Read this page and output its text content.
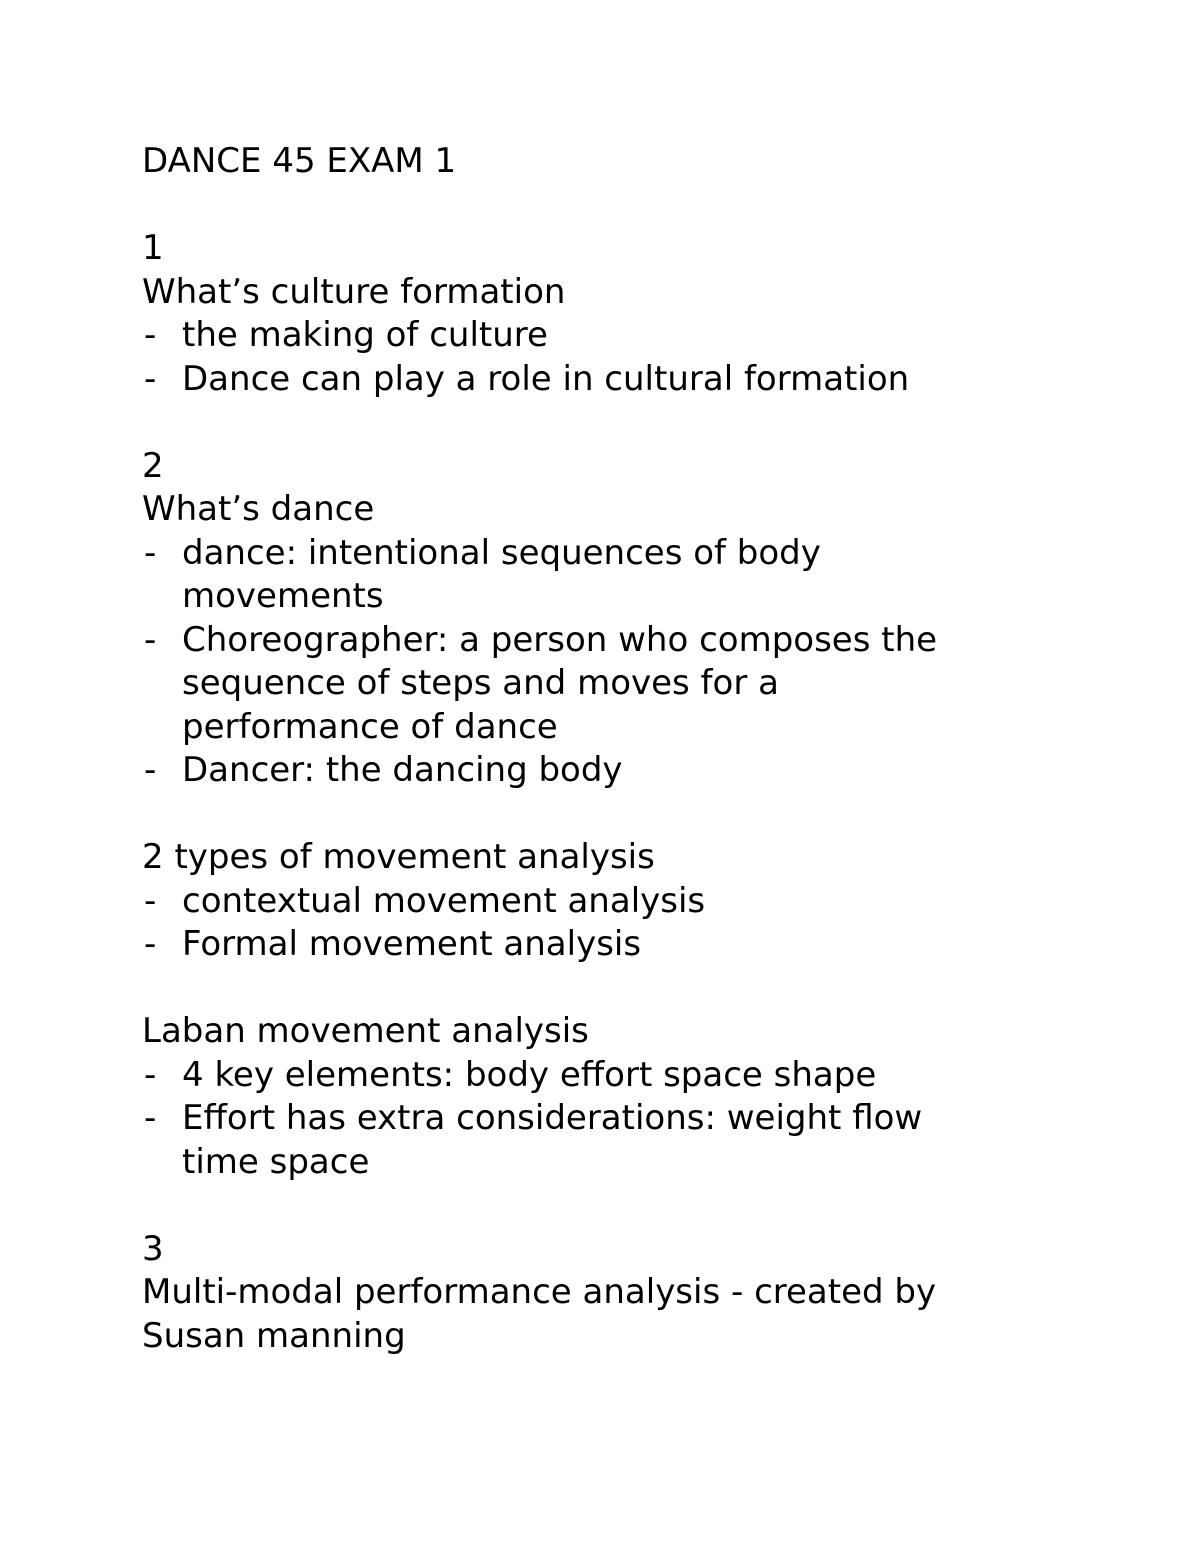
DANCE 45 EXAM 1
1
What’s culture formation
- the making of culture
- Dance can play a role in cultural formation
2
What’s dance
- dance: intentional sequences of body
movements
- Choreographer: a person who composes the
sequence of steps and moves for a
performance of dance
- Dancer: the dancing body
2 types of movement analysis
- contextual movement analysis
- Formal movement analysis
Laban movement analysis
- 4 key elements: body effort space shape
- Effort has extra considerations: weight flow
time space
3
Multi-modal performance analysis - created by
Susan manning
